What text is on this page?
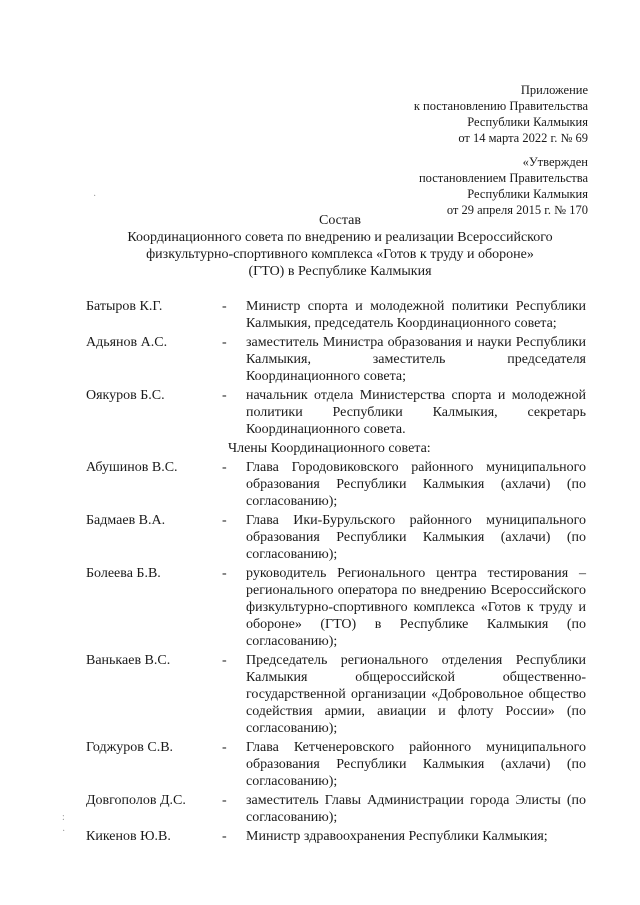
Приложение
к постановлению Правительства
Республики Калмыкия
от 14 марта 2022 г. № 69
«Утвержден
постановлением Правительства
Республики Калмыкия
от 29 апреля 2015 г. № 170
Состав
Координационного совета по внедрению и реализации Всероссийского
физкультурно-спортивного комплекса «Готов к труду и обороне»
(ГТО) в Республике Калмыкия
Батыров К.Г.	- Министр спорта и молодежной политики Республики Калмыкия, председатель Координационного совета;
Адьянов А.С.	- заместитель Министра образования и науки Республики Калмыкия, заместитель председателя Координационного совета;
Оякуров Б.С.	- начальник отдела Министерства спорта и молодежной политики Республики Калмыкия, секретарь Координационного совета.
Члены Координационного совета:
Абушинов В.С.	- Глава Городовиковского районного муниципального образования Республики Калмыкия (ахлачи) (по согласованию);
Бадмаев В.А.	- Глава Ики-Бурульского районного муниципального образования Республики Калмыкия (ахлачи) (по согласованию);
Болеева Б.В.	- руководитель Регионального центра тестирования – регионального оператора по внедрению Всероссийского физкультурно-спортивного комплекса «Готов к труду и обороне» (ГТО) в Республике Калмыкия (по согласованию);
Ванькаев В.С.	- Председатель регионального отделения Республики Калмыкия общероссийской общественно-государственной организации «Добровольное общество содействия армии, авиации и флоту России» (по согласованию);
Годжуров С.В.	- Глава Кетченеровского районного муниципального образования Республики Калмыкия (ахлачи) (по согласованию);
Довгополов Д.С.	- заместитель Главы Администрации города Элисты (по согласованию);
Кикенов Ю.В.	- Министр здравоохранения Республики Калмыкия;
·
:
·
